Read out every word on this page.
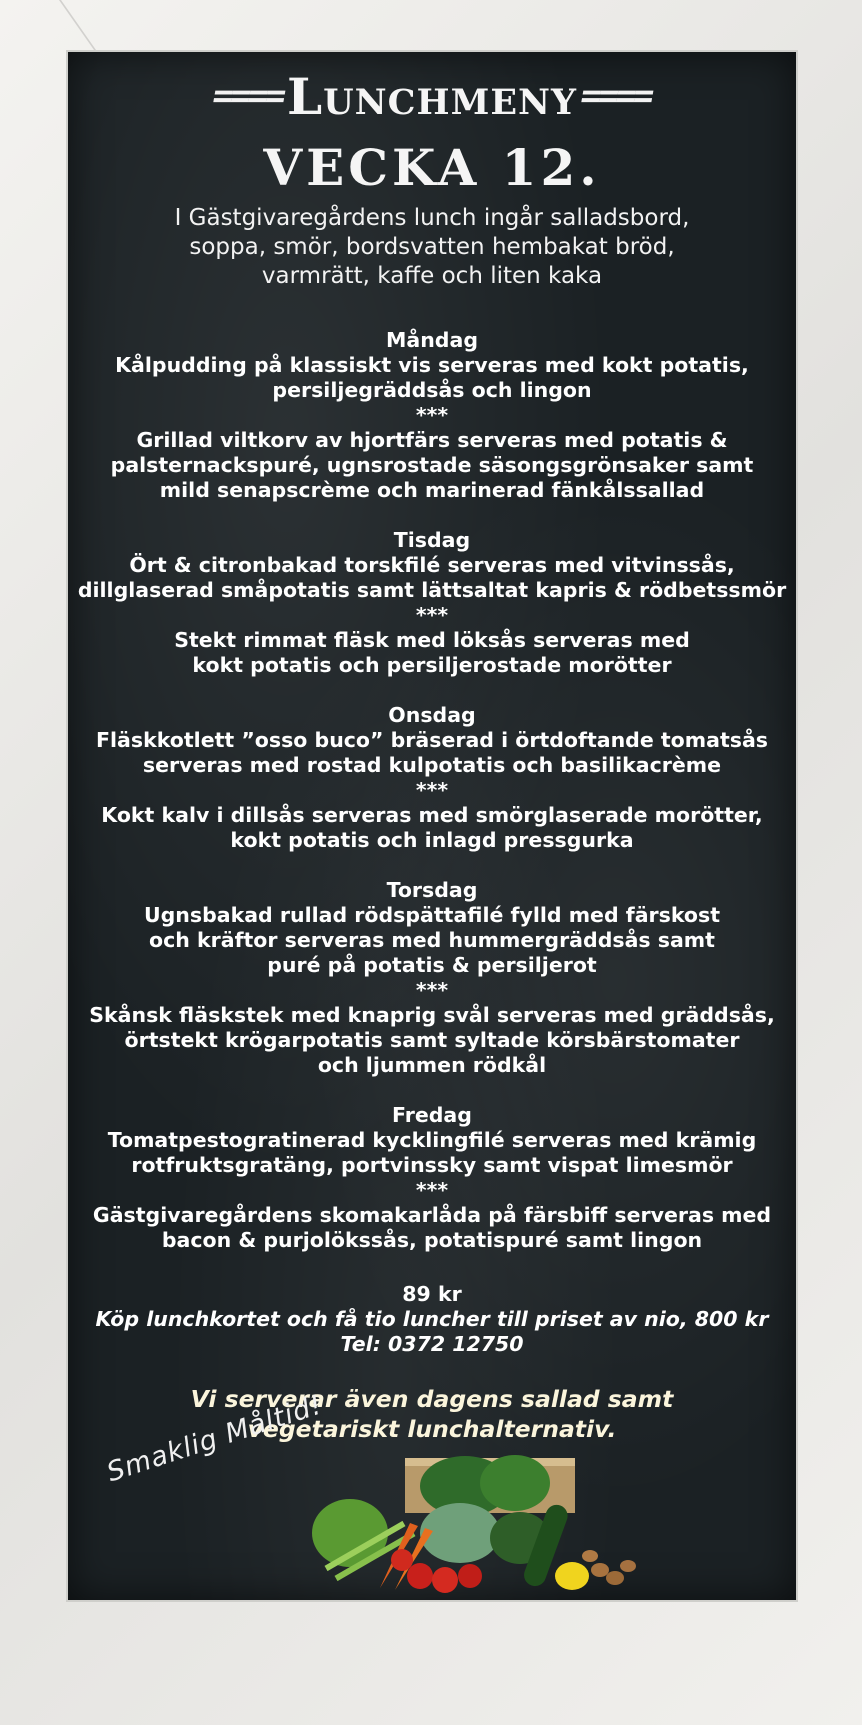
==== Lunchmeny ====
VECKA 12.
I Gästgivaregårdens lunch ingår salladsbord,
soppa, smör, bordsvatten hembakat bröd,
varmrätt, kaffe och liten kaka
Måndag
Kålpudding på klassiskt vis serveras med kokt potatis,
persiljegräddsås och lingon
***
Grillad viltkorv av hjortfärs serveras med potatis &
palsternackspuré, ugnsrostade säsongsgrönsaker samt
mild senapscrème och marinerad fänkålssallad
Tisdag
Ört & citronbakad torskfilé serveras med vitvinssås,
dillglaserad småpotatis samt lättsaltat kapris & rödbetssmör
***
Stekt rimmat fläsk med löksås serveras med
kokt potatis och persiljerostade morötter
Onsdag
Fläskkotlett ”osso buco” bräserad i örtdoftande tomatsås
serveras med rostad kulpotatis och basilikacrème
***
Kokt kalv i dillsås serveras med smörglaserade morötter,
kokt potatis och inlagd pressgurka
Torsdag
Ugnsbakad rullad rödspättafilé fylld med färskost
och kräftor serveras med hummergräddsås samt
puré på potatis & persiljerot
***
Skånsk fläskstek med knaprig svål serveras med gräddsås,
örtstekt krögarpotatis samt syltade körsbärstomater
och ljummen rödkål
Fredag
Tomatpestogratinerad kycklingfilé serveras med krämig
rotfruktsgratäng, portvinssky samt vispat limesmör
***
Gästgivaregårdens skomakarlåda på färsbiff serveras med
bacon & purjolökssås, potatispuré samt lingon
89 kr
Köp lunchkortet och få tio luncher till priset av nio, 800 kr
Tel: 0372 12750
Vi serverar även dagens sallad samt
vegetariskt lunchalternativ.
Smaklig Måltid!
